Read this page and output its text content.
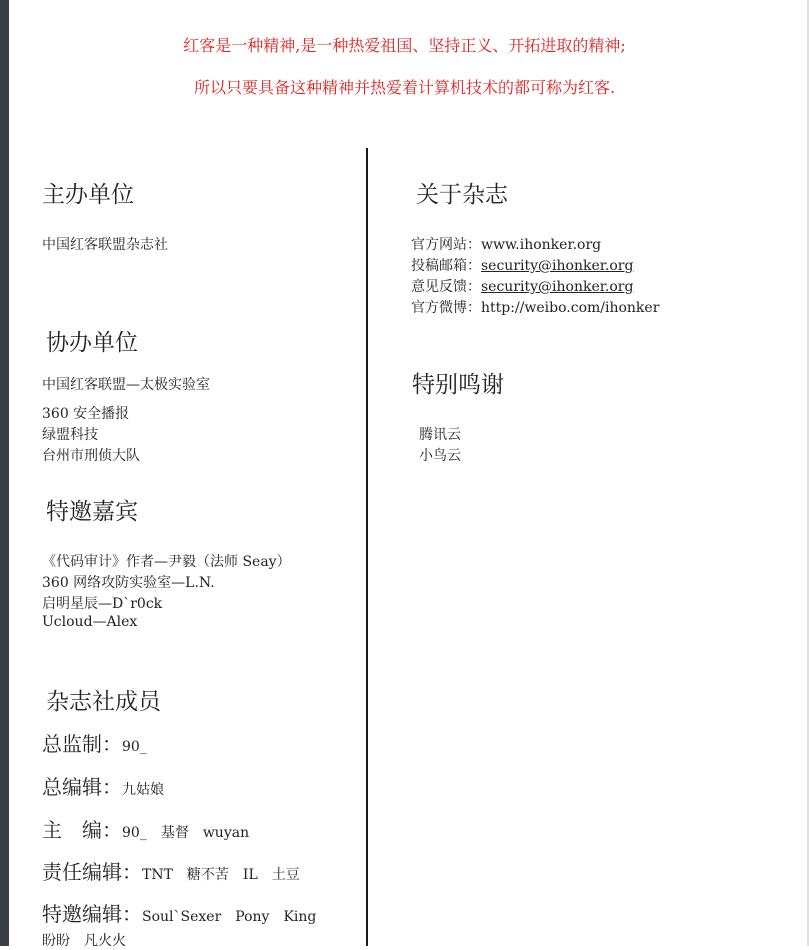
红客是一种精神,是一种热爱祖国、坚持正义、开拓进取的精神;
所以只要具备这种精神并热爱着计算机技术的都可称为红客.
主办单位
中国红客联盟杂志社
协办单位
中国红客联盟—太极实验室
360 安全播报
绿盟科技
台州市刑侦大队
特邀嘉宾
《代码审计》作者—尹毅（法师 Seay）
360 网络攻防实验室—L.N.
启明星辰—D`r0ck
Ucloud—Alex
杂志社成员
总监制：90_
总编辑：九姑娘
主　编：90_　基督　wuyan
责任编辑：TNT　糖不苦　IL　土豆
特邀编辑：Soul`Sexer　Pony　King
盼盼　凡火火
关于杂志
官方网站：www.ihonker.org
投稿邮箱：security@ihonker.org
意见反馈：security@ihonker.org
官方微博：http://weibo.com/ihonker
特别鸣谢
腾讯云
小鸟云
